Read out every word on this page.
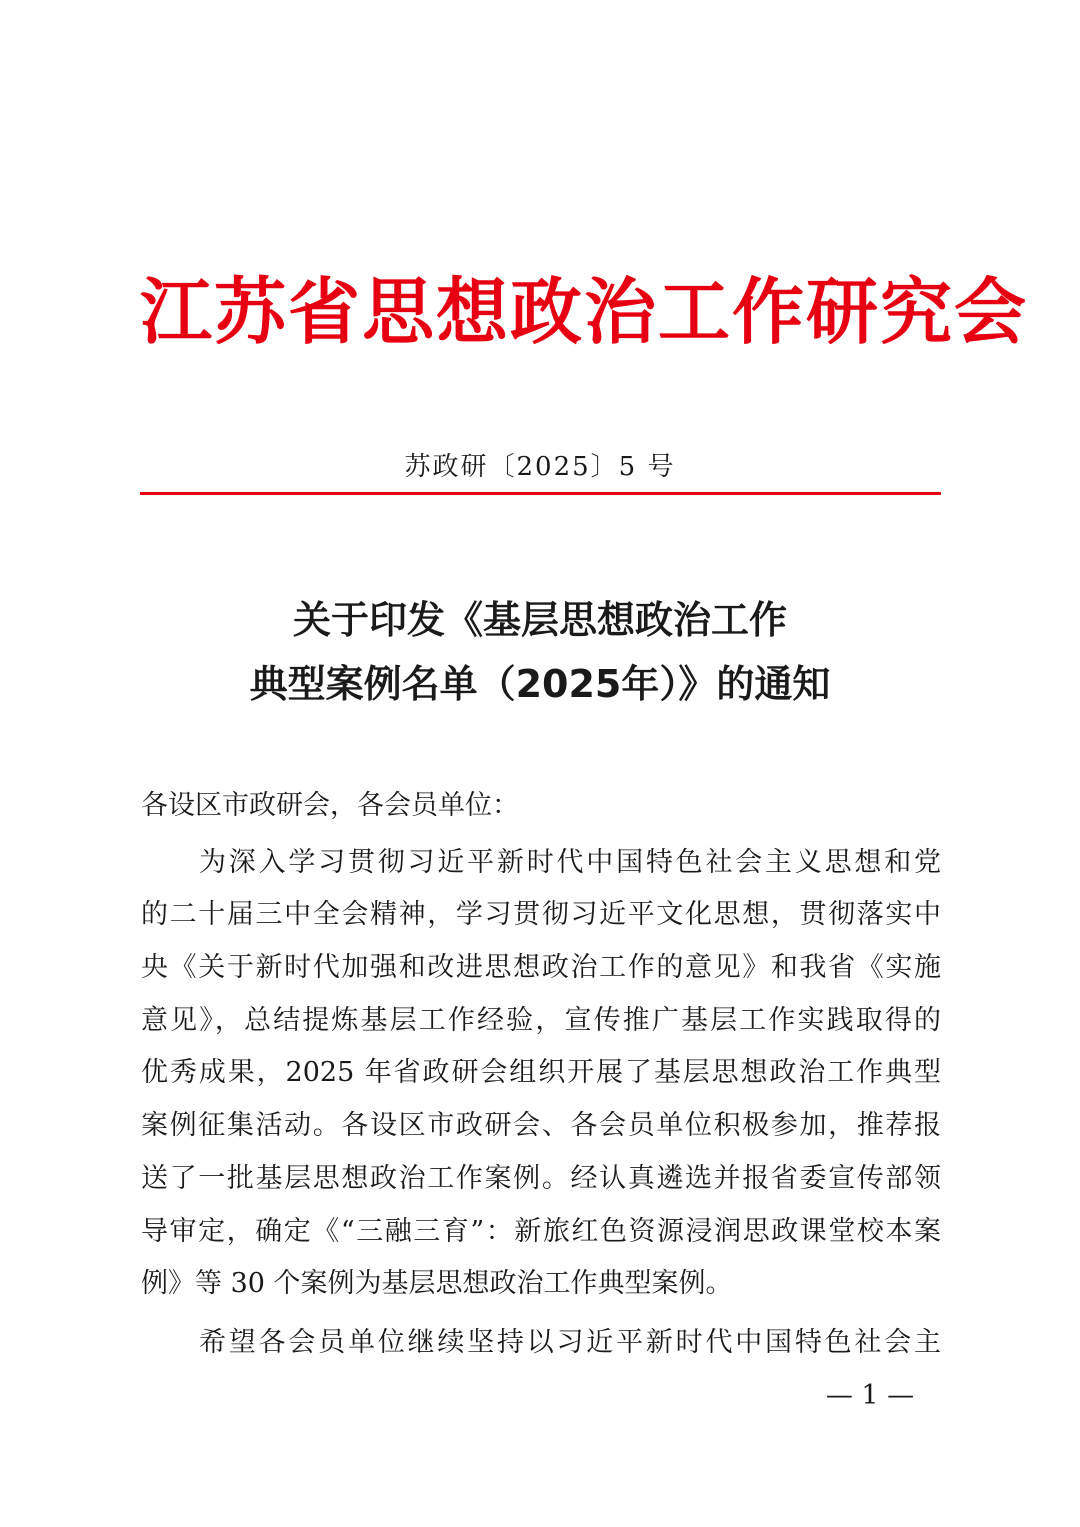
江苏省思想政治工作研究会
苏政研〔2025〕5 号
关于印发《基层思想政治工作
典型案例名单（2025年）》的通知
各设区市政研会，各会员单位：
为深入学习贯彻习近平新时代中国特色社会主义思想和党
的二十届三中全会精神，学习贯彻习近平文化思想，贯彻落实中
央《关于新时代加强和改进思想政治工作的意见》和我省《实施
意见》，总结提炼基层工作经验，宣传推广基层工作实践取得的
优秀成果，2025 年省政研会组织开展了基层思想政治工作典型
案例征集活动。各设区市政研会、各会员单位积极参加，推荐报
送了一批基层思想政治工作案例。经认真遴选并报省委宣传部领
导审定，确定《“三融三育”：新旅红色资源浸润思政课堂校本案
例》等 30 个案例为基层思想政治工作典型案例。
希望各会员单位继续坚持以习近平新时代中国特色社会主
— 1 —
